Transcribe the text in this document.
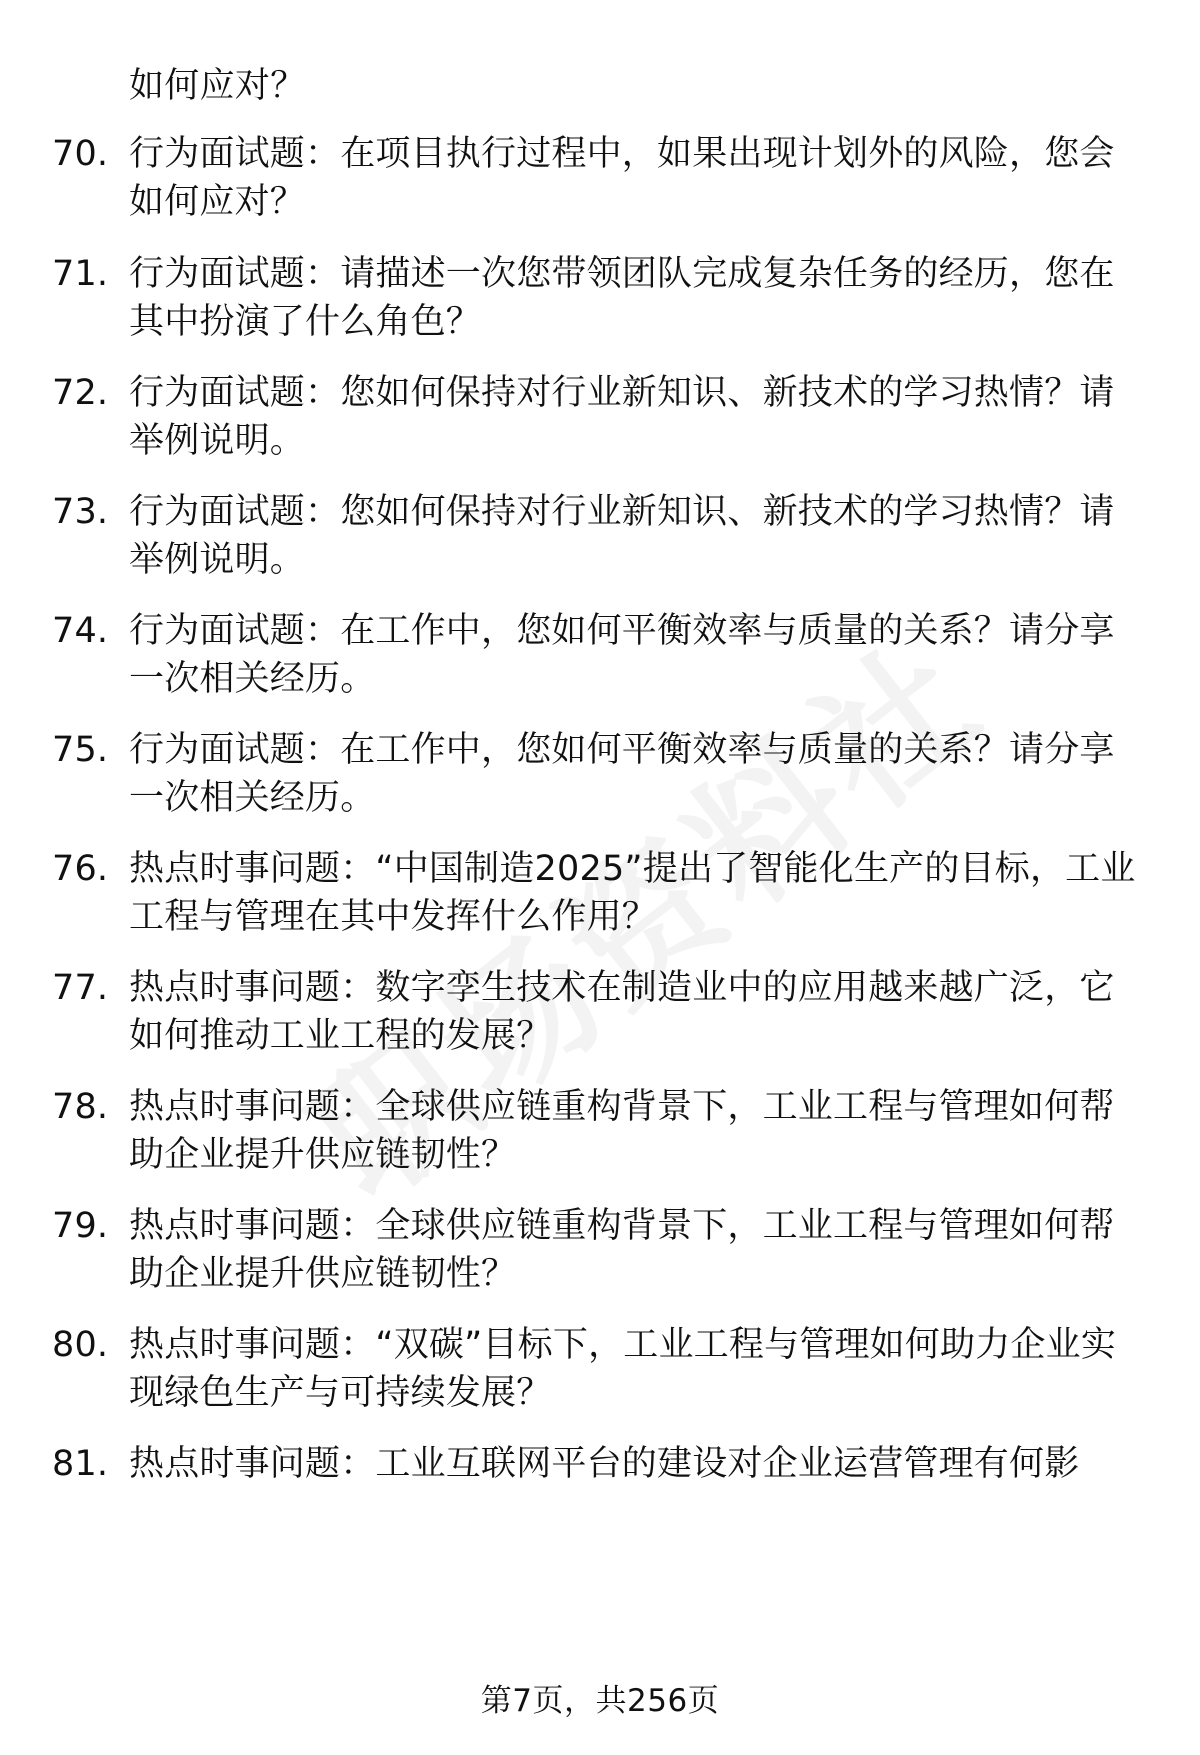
如何应对？
70. 行为面试题：在项目执行过程中，如果出现计划外的风险，您会如何应对？
71. 行为面试题：请描述一次您带领团队完成复杂任务的经历，您在其中扮演了什么角色？
72. 行为面试题：您如何保持对行业新知识、新技术的学习热情？请举例说明。
73. 行为面试题：您如何保持对行业新知识、新技术的学习热情？请举例说明。
74. 行为面试题：在工作中，您如何平衡效率与质量的关系？请分享一次相关经历。
75. 行为面试题：在工作中，您如何平衡效率与质量的关系？请分享一次相关经历。
76. 热点时事问题：“中国制造2025”提出了智能化生产的目标，工业工程与管理在其中发挥什么作用？
77. 热点时事问题：数字孪生技术在制造业中的应用越来越广泛，它如何推动工业工程的发展？
78. 热点时事问题：全球供应链重构背景下，工业工程与管理如何帮助企业提升供应链韧性？
79. 热点时事问题：全球供应链重构背景下，工业工程与管理如何帮助企业提升供应链韧性？
80. 热点时事问题：“双碳”目标下，工业工程与管理如何助力企业实现绿色生产与可持续发展？
81. 热点时事问题：工业互联网平台的建设对企业运营管理有何影
第7页，共256页
